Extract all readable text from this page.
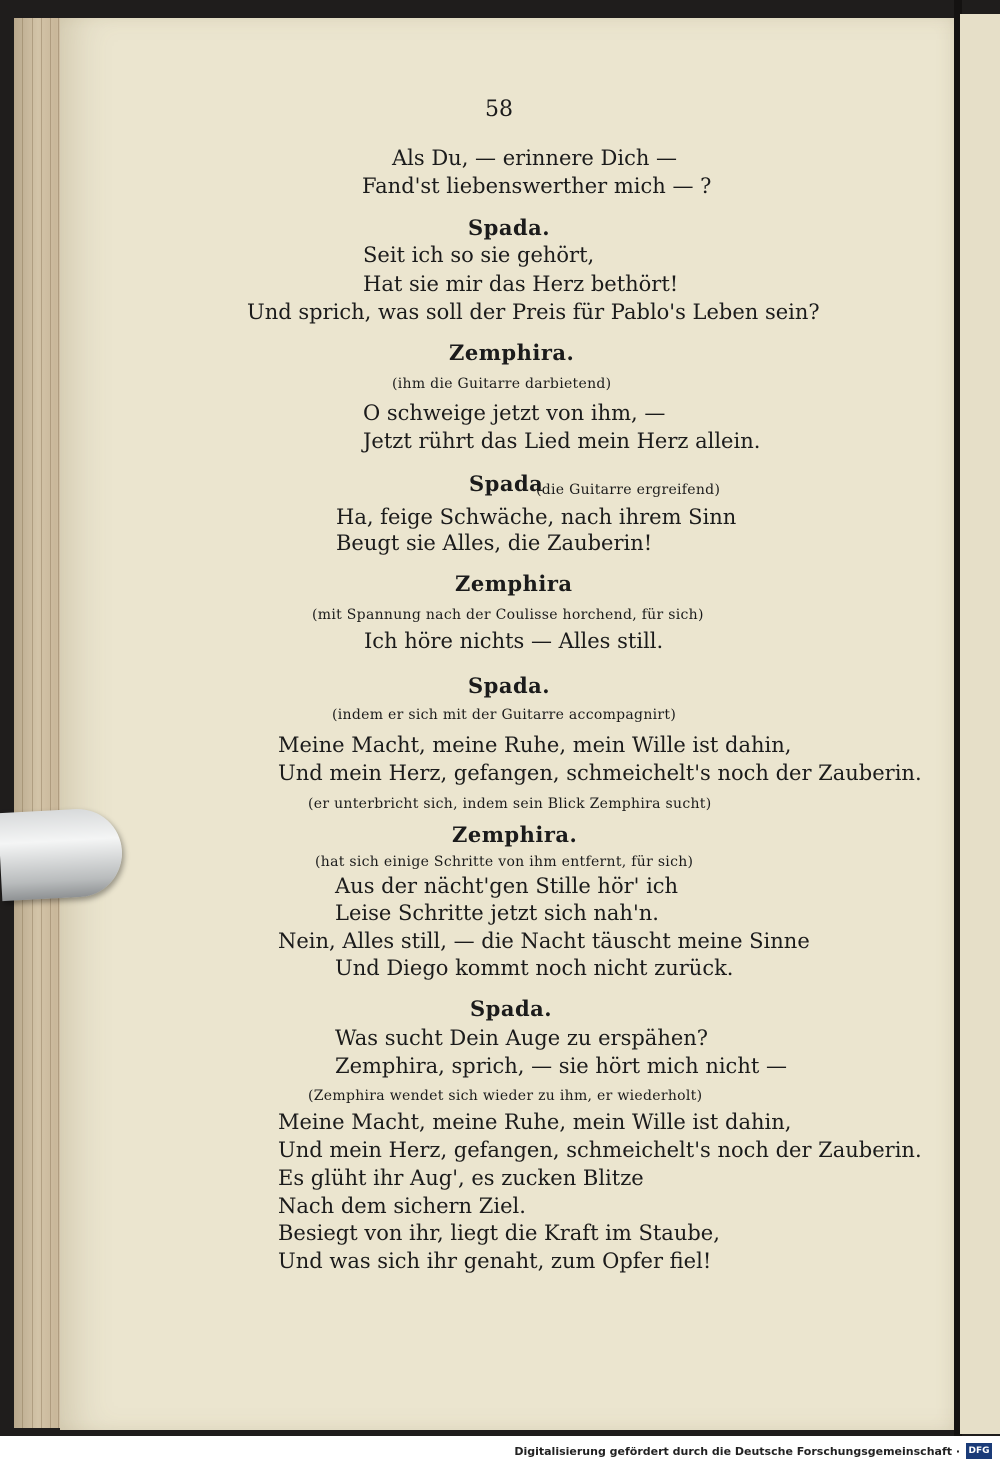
58
Als Du, — erinnere Dich —
Fand'st liebenswerther mich — ?
Spada.
Seit ich so sie gehört,
Hat sie mir das Herz bethört!
Und sprich, was soll der Preis für Pablo's Leben sein?
Zemphira.
(ihm die Guitarre darbietend)
O schweige jetzt von ihm, —
Jetzt rührt das Lied mein Herz allein.
Spada
(die Guitarre ergreifend)
Ha, feige Schwäche, nach ihrem Sinn
Beugt sie Alles, die Zauberin!
Zemphira
(mit Spannung nach der Coulisse horchend, für sich)
Ich höre nichts — Alles still.
Spada.
(indem er sich mit der Guitarre accompagnirt)
Meine Macht, meine Ruhe, mein Wille ist dahin,
Und mein Herz, gefangen, schmeichelt's noch der Zauberin.
(er unterbricht sich, indem sein Blick Zemphira sucht)
Zemphira.
(hat sich einige Schritte von ihm entfernt, für sich)
Aus der nächt'gen Stille hör' ich
Leise Schritte jetzt sich nah'n.
Nein, Alles still, — die Nacht täuscht meine Sinne
Und Diego kommt noch nicht zurück.
Spada.
Was sucht Dein Auge zu erspähen?
Zemphira, sprich, — sie hört mich nicht —
(Zemphira wendet sich wieder zu ihm, er wiederholt)
Meine Macht, meine Ruhe, mein Wille ist dahin,
Und mein Herz, gefangen, schmeichelt's noch der Zauberin.
Es glüht ihr Aug', es zucken Blitze
Nach dem sichern Ziel.
Besiegt von ihr, liegt die Kraft im Staube,
Und was sich ihr genaht, zum Opfer fiel!
Digitalisierung gefördert durch die Deutsche Forschungsgemeinschaft · DFG
